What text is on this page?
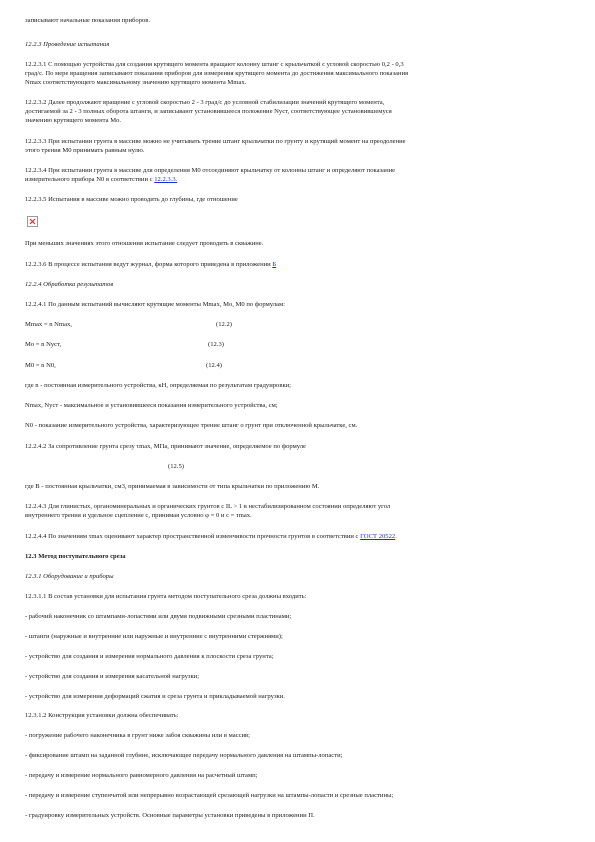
записывают начальные показания приборов.
12.2.3 Проведение испытания
12.2.3.1 С помощью устройства для создания крутящего момента вращают колонну штанг с крыльчаткой с угловой скоростью 0,2 - 0,3
град/с. По мере вращения записывают показания приборов для измерения крутящего момента до достижения максимального показания
Nmax соответствующего максимальному значению крутящего момента Mmax.
12.2.3.2 Далее продолжают вращение с угловой скоростью 2 - 3 град/с до условной стабилизации значений крутящего момента,
достигаемой за 2 - 3 полных оборота штанги, и записывают установившееся положение Nуст, соответствующее установившемуся
значению крутящего момента Mо.
12.2.3.3 При испытании грунта в массиве можно не учитывать трение штанг крыльчатки по грунту и крутящий момент на преодоление
этого трения M0 принимать равным нулю.
12.2.3.4 При испытании грунта в массиве для определения M0 отсоединяют крыльчатку от колонны штанг и определяют показание
измерительного прибора N0 в соответствии с 12.2.3.3.
12.2.3.5 Испытания в массиве можно проводить до глубины, где отношение
При меньших значениях этого отношения испытание следует проводить в скважине.
12.2.3.6 В процессе испытания ведут журнал, форма которого приведена в приложении Б
12.2.4 Обработка результатов
12.2.4.1 По данным испытаний вычисляют крутящие моменты Mmax, Mо, M0 по формулам:
Mmax = n Nmax,	(12.2)
Mо = n Nуст,	(12.3)
M0 = n N0,	(12.4)
где n - постоянная измерительного устройства, кН, определяемая по результатам градуировки;
Nmax, Nуст - максимальное и установившееся показания измерительного устройства, см;
N0 - показание измерительного устройства, характеризующее трение штанг о грунт при отключенной крыльчатке, см.
12.2.4.2 За сопротивление грунта срезу τmax, МПа, принимают значение, определяемое по формуле
(12.5)
где B - постоянная крыльчатки, см3, принимаемая в зависимости от типа крыльчатки по приложению М.
12.2.4.3 Для глинистых, органоминеральных и органических грунтов с IL > 1 в нестабилизированном состоянии определяют угол
внутреннего трения и удельное сцепление с, принимая условно φ = 0 и c = τmax.
12.2.4.4 По значениям τmax оценивают характер пространственной изменчивости прочности грунтов в соответствии с ГОСТ 20522.
12.3 Метод поступательного среза
12.3.1 Оборудование и приборы
12.3.1.1 В состав установки для испытания грунта методом поступательного среза должны входить:
- рабочий наконечник со штампами-лопастями или двумя подвижными срезными пластинами;
- штанги (наружные и внутренние или наружные и внутренние с внутренними стержнями);
- устройство для создания и измерения нормального давления к плоскости среза грунта;
- устройство для создания и измерения касательной нагрузки;
- устройство для измерения деформаций сжатия и среза грунта и прикладываемой нагрузки.
12.3.1.2 Конструкция установки должна обеспечивать:
- погружение рабочего наконечника в грунт ниже забоя скважины или в массив;
- фиксирование штамп на заданной глубине, исключающее передачу нормального давления на штампы-лопасти;
- передачу и измерение нормального равномерного давления на расчетный штамп;
- передачу и измерение ступенчатой или непрерывно возрастающей срезающей нагрузки на штампы-лопасти и срезные пластины;
- градуировку измерительных устройств. Основные параметры установки приведены в приложении П.
